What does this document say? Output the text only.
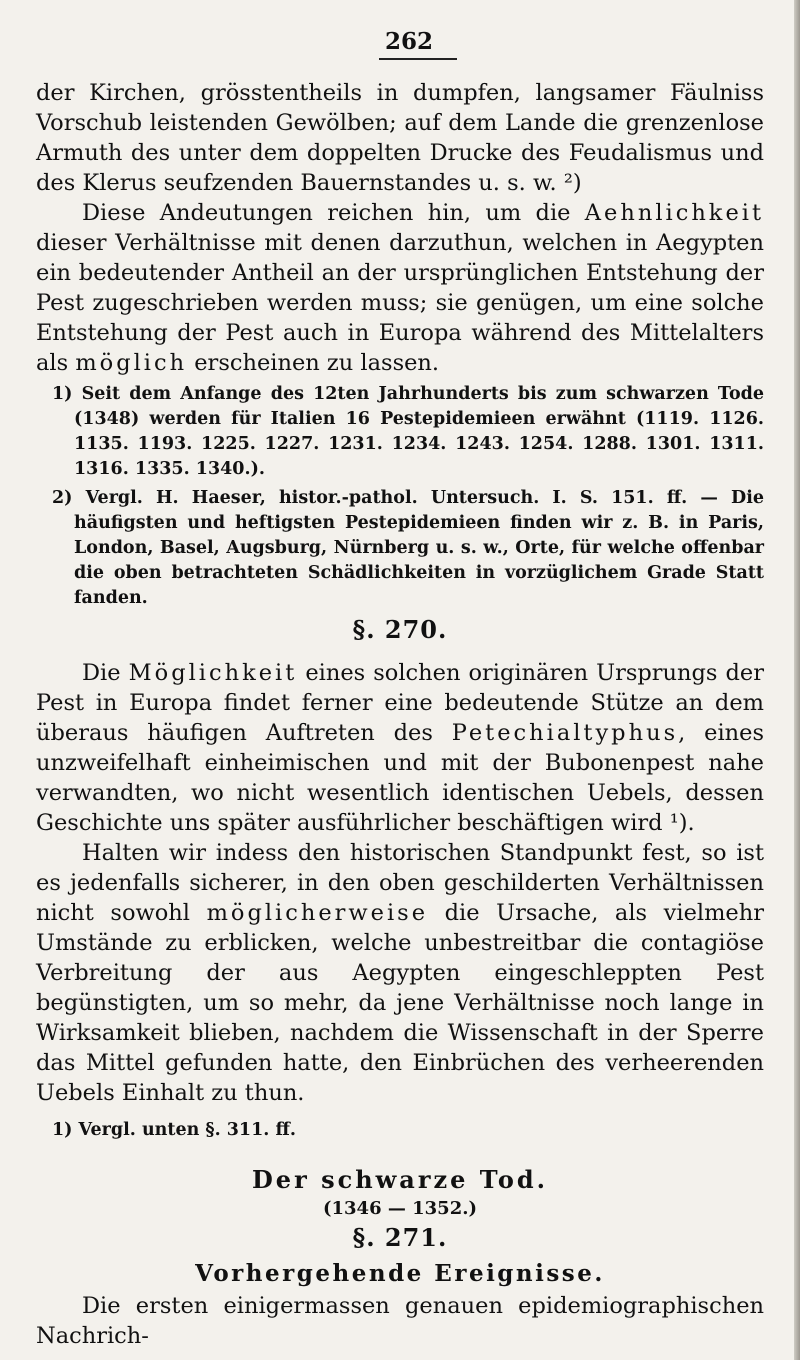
262

der Kirchen, grösstentheils in dumpfen, langsamer Fäulniss Vorschub leistenden Gewölben; auf dem Lande die grenzenlose Armuth des unter dem doppelten Drucke des Feudalismus und des Klerus seufzenden Bauernstandes u. s. w. ²)

Diese Andeutungen reichen hin, um die Aehnlichkeit dieser Verhältnisse mit denen darzuthun, welchen in Aegypten ein bedeutender Antheil an der ursprünglichen Entstehung der Pest zugeschrieben werden muss; sie genügen, um eine solche Entstehung der Pest auch in Europa während des Mittelalters als möglich erscheinen zu lassen.

1) Seit dem Anfange des 12ten Jahrhunderts bis zum schwarzen Tode (1348) werden für Italien 16 Pestepidemieen erwähnt (1119. 1126. 1135. 1193. 1225. 1227. 1231. 1234. 1243. 1254. 1288. 1301. 1311. 1316. 1335. 1340.).

2) Vergl. H. Haeser, histor.-pathol. Untersuch. I. S. 151. ff. — Die häufigsten und heftigsten Pestepidemieen finden wir z. B. in Paris, London, Basel, Augsburg, Nürnberg u. s. w., Orte, für welche offenbar die oben betrachteten Schädlichkeiten in vorzüglichem Grade Statt fanden.

§. 270.

Die Möglichkeit eines solchen originären Ursprungs der Pest in Europa findet ferner eine bedeutende Stütze an dem überaus häufigen Auftreten des Petechialtyphus, eines unzweifelhaft einheimischen und mit der Bubonenpest nahe verwandten, wo nicht wesentlich identischen Uebels, dessen Geschichte uns später ausführlicher beschäftigen wird ¹).

Halten wir indess den historischen Standpunkt fest, so ist es jedenfalls sicherer, in den oben geschilderten Verhältnissen nicht sowohl möglicherweise die Ursache, als vielmehr Umstände zu erblicken, welche unbestreitbar die contagiöse Verbreitung der aus Aegypten eingeschleppten Pest begünstigten, um so mehr, da jene Verhältnisse noch lange in Wirksamkeit blieben, nachdem die Wissenschaft in der Sperre das Mittel gefunden hatte, den Einbrüchen des verheerenden Uebels Einhalt zu thun.

1) Vergl. unten §. 311. ff.

Der schwarze Tod.
(1346 — 1352.)
§. 271.
Vorhergehende Ereignisse.

Die ersten einigermassen genauen epidemiographischen Nachrich-
